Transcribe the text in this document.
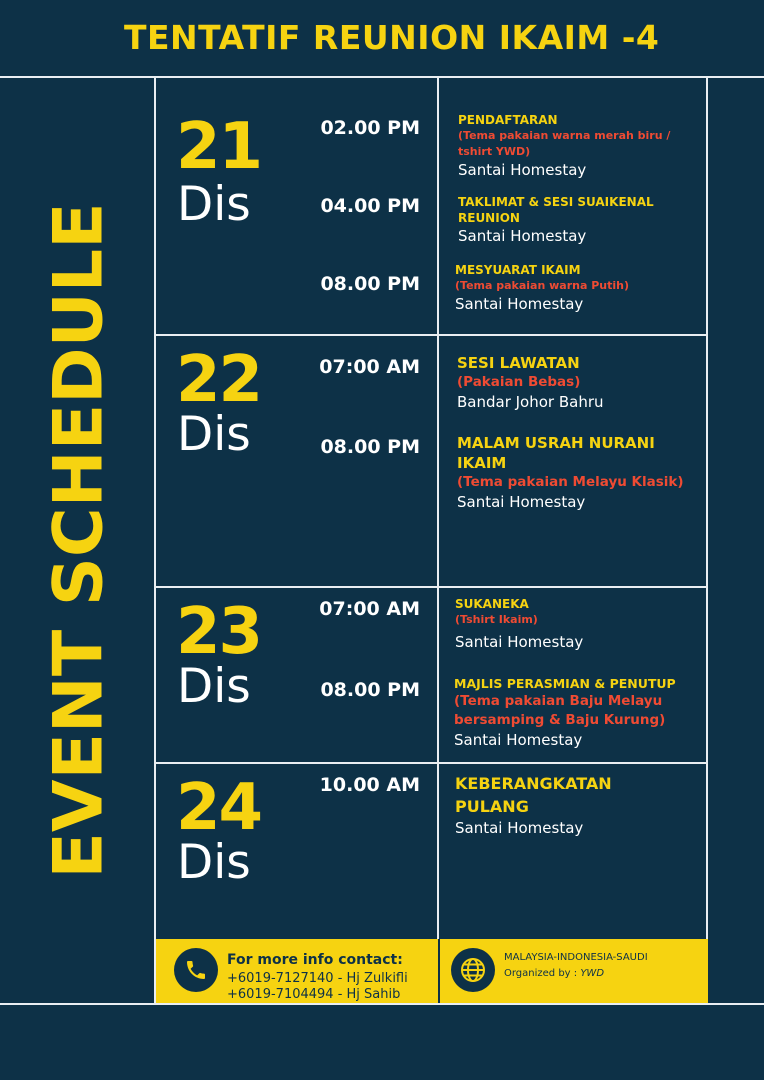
TENTATIF REUNION IKAIM -4
EVENT SCHEDULE
21
Dis
02.00 PM
04.00 PM
08.00 PM
PENDAFTARAN
(Tema pakaian warna merah biru / tshirt YWD)
Santai Homestay
TAKLIMAT & SESI SUAIKENAL REUNION
Santai Homestay
MESYUARAT IKAIM
(Tema pakaian warna Putih)
Santai Homestay
22
Dis
07:00 AM
08.00 PM
SESI LAWATAN
(Pakaian Bebas)
Bandar Johor Bahru
MALAM USRAH NURANI IKAIM
(Tema pakaian Melayu Klasik)
Santai Homestay
23
Dis
07:00 AM
08.00 PM
SUKANEKA
(Tshirt Ikaim)
Santai Homestay
MAJLIS PERASMIAN & PENUTUP
(Tema pakaian Baju Melayu bersamping & Baju Kurung)
Santai Homestay
24
Dis
10.00 AM KEBERANGKATAN PULANG
Santai Homestay
For more info contact:
+6019-7127140 - Hj Zulkifli
+6019-7104494 - Hj Sahib
MALAYSIA-INDONESIA-SAUDI
Organized by : YWD
